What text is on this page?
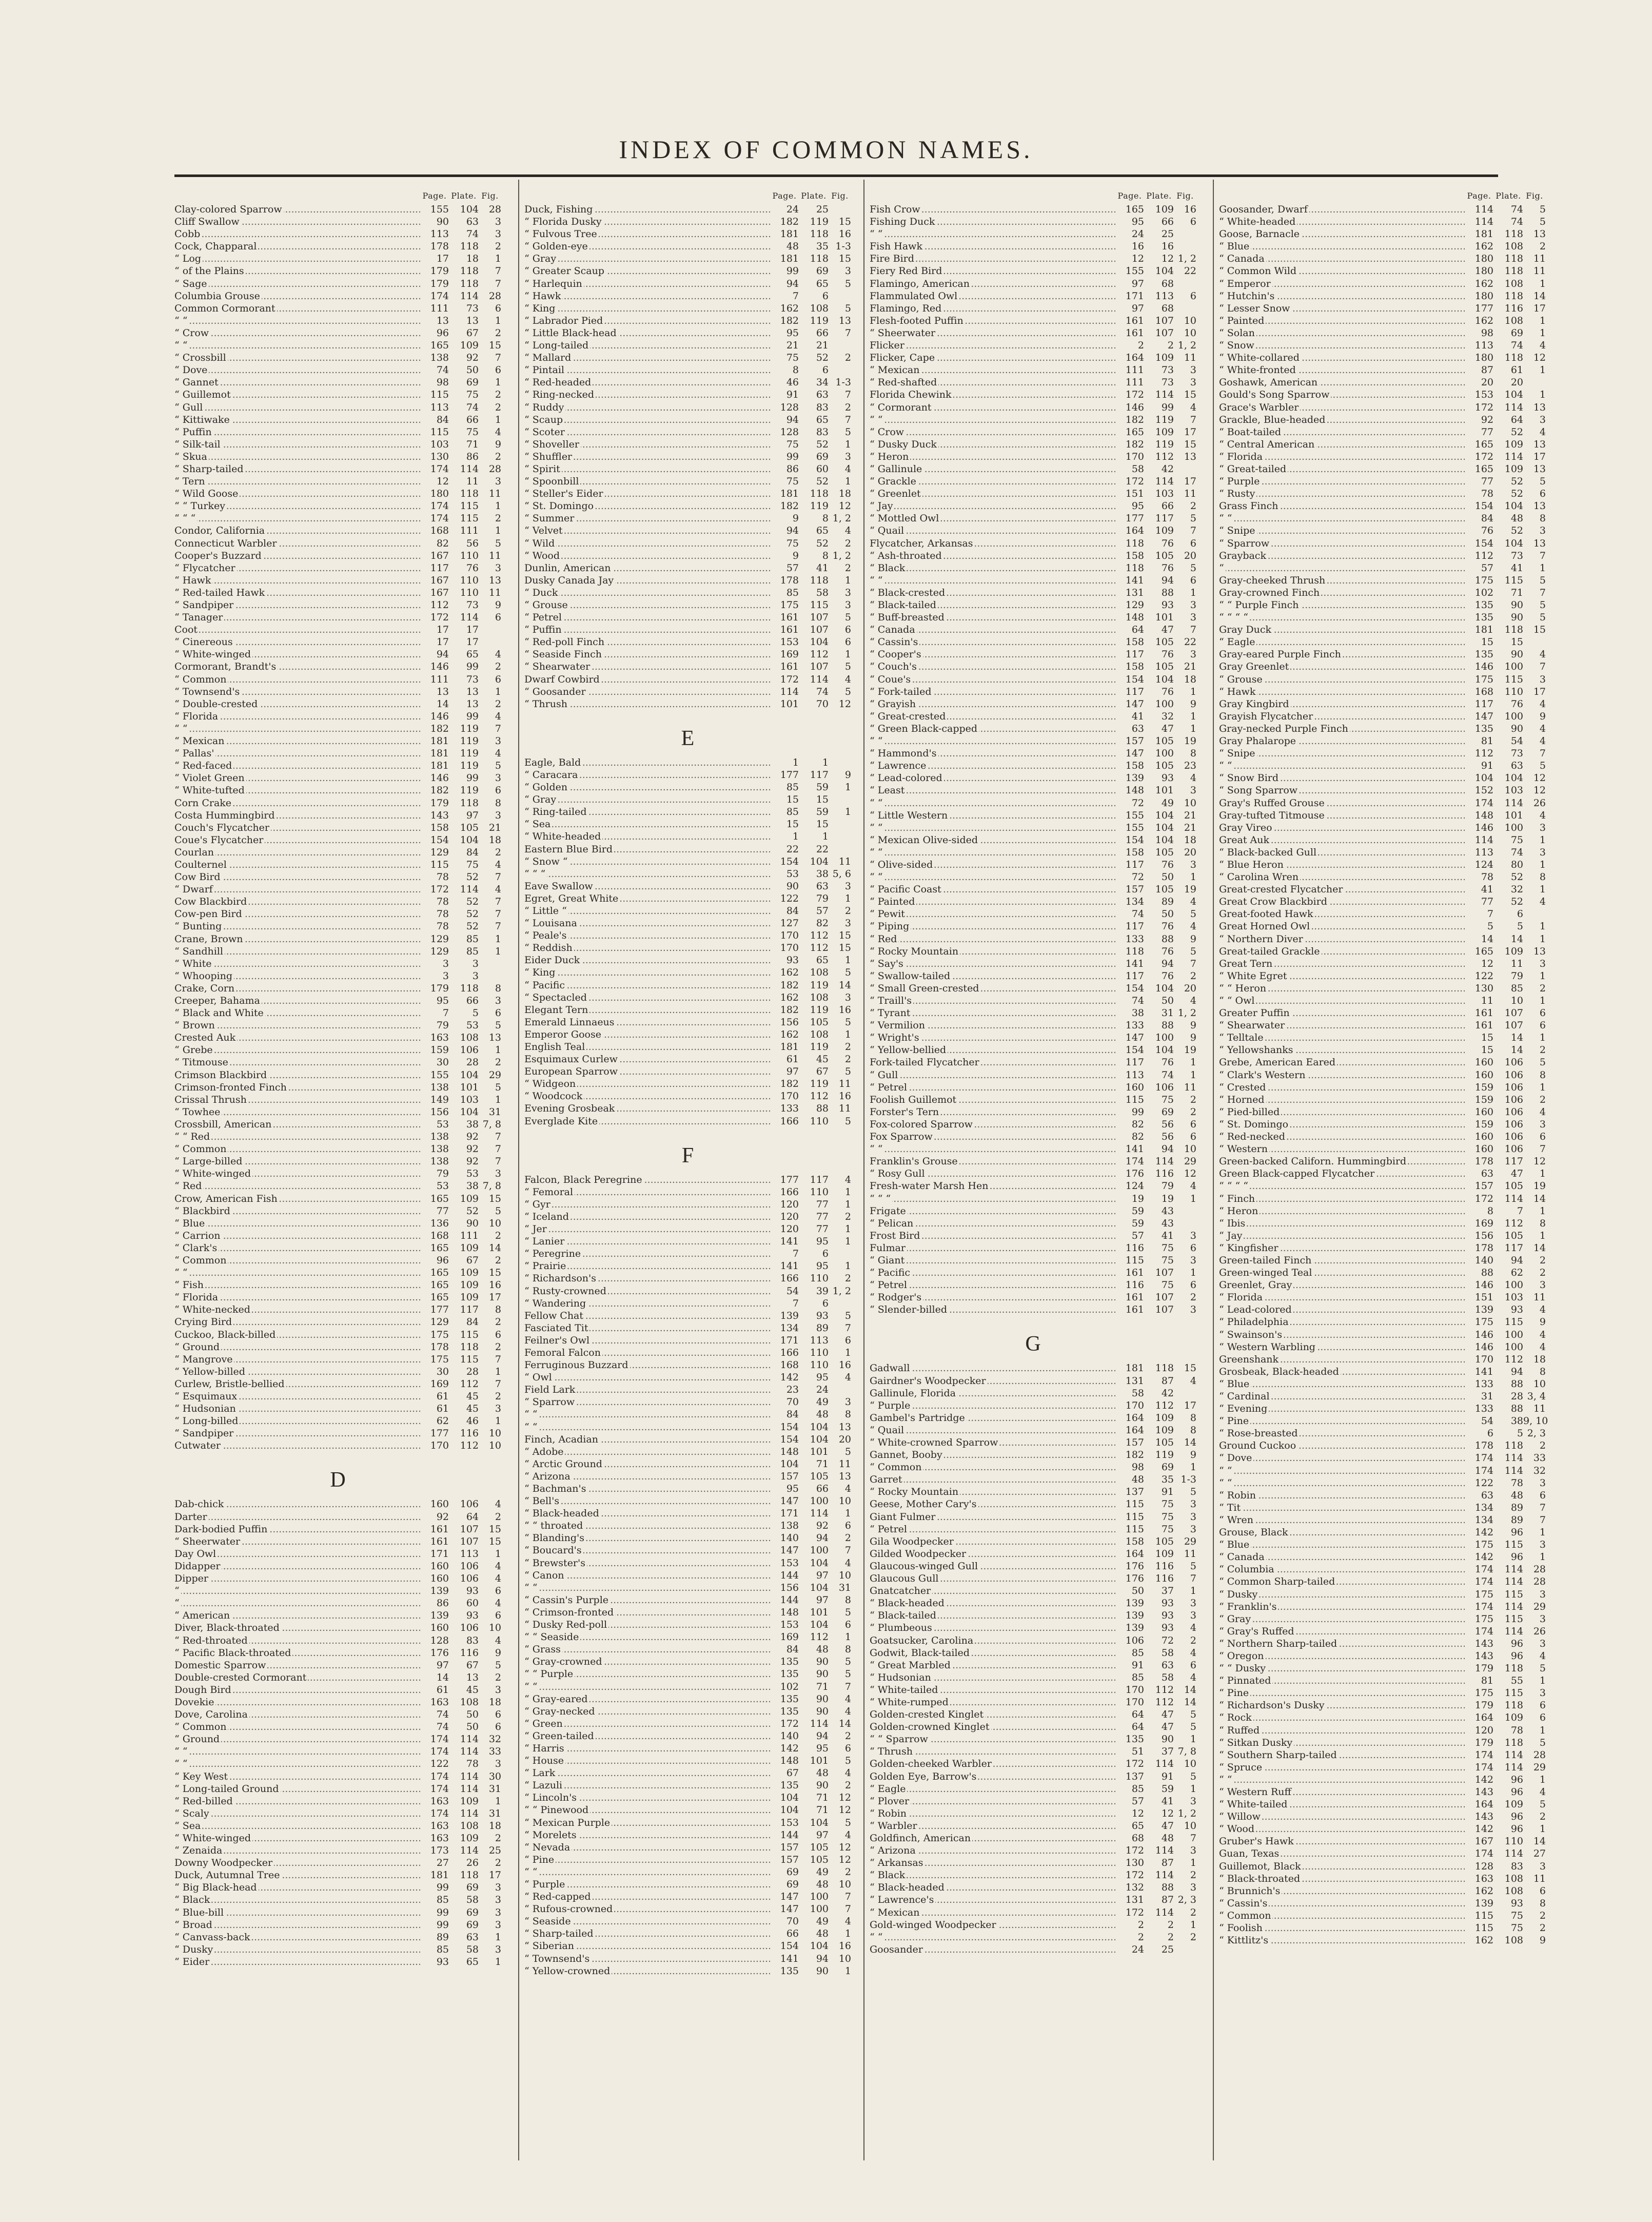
INDEX OF COMMON NAMES.
Page. Plate. Fig.
Clay-colored Sparrow .....	155	104	28
Cliff Swallow .....	90	63	3
Cobb .....	113	74	3
Cock, Chapparal .....	178	118	2
“ Log .....	17	18	1
“ of the Plains .....	179	118	7
“ Sage .....	179	118	7
Columbia Grouse .....	174	114	28
Common Cormorant .....	111	73	6
“ “ .....	13	13	1
“ Crow .....	96	67	2
“ “ .....	165	109	15
“ Crossbill .....	138	92	7
“ Dove .....	74	50	6
“ Gannet .....	98	69	1
“ Guillemot .....	115	75	2
“ Gull .....	113	74	2
“ Kittiwake .....	84	66	1
“ Puffin .....	115	75	4
“ Silk-tail .....	103	71	9
“ Skua .....	130	86	2
“ Sharp-tailed .....	174	114	28
“ Tern .....	12	11	3
“ Wild Goose .....	180	118	11
“ “ Turkey .....	174	115	1
“ “ “ .....	174	115	2
Condor, California .....	168	111	1
Connecticut Warbler .....	82	56	5
Cooper's Buzzard .....	167	110	11
“ Flycatcher .....	117	76	3
“ Hawk .....	167	110	13
“ Red-tailed Hawk .....	167	110	11
“ Sandpiper .....	112	73	9
“ Tanager .....	172	114	6
Coot .....	17	17
“ Cinereous .....	17	17
“ White-winged .....	94	65	4
Cormorant, Brandt's .....	146	99	2
“ Common .....	111	73	6
“ Townsend's .....	13	13	1
“ Double-crested .....	14	13	2
“ Florida .....	146	99	4
“ “ .....	182	119	7
“ Mexican .....	181	119	3
“ Pallas' .....	181	119	4
“ Red-faced .....	181	119	5
“ Violet Green .....	146	99	3
“ White-tufted .....	182	119	6
Corn Crake .....	179	118	8
Costa Hummingbird .....	143	97	3
Couch's Flycatcher .....	158	105	21
Coue's Flycatcher .....	154	104	18
Courlan .....	129	84	2
Coulternel .....	115	75	4
Cow Bird .....	78	52	7
“ Dwarf .....	172	114	4
Cow Blackbird .....	78	52	7
Cow-pen Bird .....	78	52	7
“ Bunting .....	78	52	7
Crane, Brown .....	129	85	1
“ Sandhill .....	129	85	1
“ White .....	3	3
“ Whooping .....	3	3
Crake, Corn .....	179	118	8
Creeper, Bahama .....	95	66	3
“ Black and White .....	7	5	6
“ Brown .....	79	53	5
Crested Auk .....	163	108	13
“ Grebe .....	159	106	1
“ Titmouse .....	30	28	2
Crimson Blackbird .....	155	104	29
Crimson-fronted Finch .....	138	101	5
Crissal Thrush .....	149	103	1
“ Towhee .....	156	104	31
Crossbill, American .....	53	38 7, 8
“ “ Red .....	138	92	7
“ Common .....	138	92	7
“ Large-billed .....	138	92	7
“ White-winged .....	79	53	3
“ Red .....	53	38 7, 8
Crow, American Fish .....	165	109	15
“ Blackbird .....	77	52	5
“ Blue .....	136	90	10
“ Carrion .....	168	111	2
“ Clark's .....	165	109	14
“ Common .....	96	67	2
“ “ .....	165	109	15
“ Fish .....	165	109	16
“ Florida .....	165	109	17
“ White-necked .....	177	117	8
Crying Bird .....	129	84	2
Cuckoo, Black-billed .....	175	115	6
“ Ground .....	178	118	2
“ Mangrove .....	175	115	7
“ Yellow-billed .....	30	28	1
Curlew, Bristle-bellied .....	169	112	7
“ Esquimaux .....	61	45	2
“ Hudsonian .....	61	45	3
“ Long-billed .....	62	46	1
“ Sandpiper .....	177	116	10
Cutwater .....	170	112	10
D
Dab-chick .....	160	106	4
Darter .....	92	64	2
Dark-bodied Puffin .....	161	107	15
“ Sheerwater .....	161	107	15
Day Owl .....	171	113	1
Didapper .....	160	106	4
Dipper .....	160	106	4
“ .....	139	93	6
“ .....	86	60	4
“ American .....	139	93	6
Diver, Black-throated .....	160	106	10
“ Red-throated .....	128	83	4
“ Pacific Black-throated .....	176	116	9
Domestic Sparrow .....	97	67	5
Double-crested Cormorant .....	14	13	2
Dough Bird .....	61	45	3
Dovekie .....	163	108	18
Dove, Carolina .....	74	50	6
“ Common .....	74	50	6
“ Ground .....	174	114	32
“ “ .....	174	114	33
“ “ .....	122	78	3
“ Key West .....	174	114	30
“ Long-tailed Ground .....	174	114	31
“ Red-billed .....	163	109	1
“ Scaly .....	174	114	31
“ Sea .....	163	108	18
“ White-winged .....	163	109	2
“ Zenaida .....	173	114	25
Downy Woodpecker .....	27	26	2
Duck, Autumnal Tree .....	181	118	17
“ Big Black-head .....	99	69	3
“ Black .....	85	58	3
“ Blue-bill .....	99	69	3
“ Broad .....	99	69	3
“ Canvass-back .....	89	63	1
“ Dusky .....	85	58	3
“ Eider .....	93	65	1
Page. Plate. Fig.
Duck, Fishing .....	24	25
“ Florida Dusky .....	182	119	15
“ Fulvous Tree .....	181	118	16
“ Golden-eye .....	48	35 1-3
“ Gray .....	181	118	15
“ Greater Scaup .....	99	69	3
“ Harlequin .....	94	65	5
“ Hawk .....	7	6
“ King .....	162	108	5
“ Labrador Pied .....	182	119	13
“ Little Black-head .....	95	66	7
“ Long-tailed .....	21	21
“ Mallard .....	75	52	2
“ Pintail .....	8	6
“ Red-headed .....	46	34 1-3
“ Ring-necked .....	91	63	7
“ Ruddy .....	128	83	2
“ Scaup .....	94	65	7
“ Scoter .....	128	83	5
“ Shoveller .....	75	52	1
“ Shuffler .....	99	69	3
“ Spirit .....	86	60	4
“ Spoonbill .....	75	52	1
“ Steller's Eider .....	181	118	18
“ St. Domingo .....	182	119	12
“ Summer .....	9	8 1, 2
“ Velvet .....	94	65	4
“ Wild .....	75	52	2
“ Wood .....	9	8 1, 2
Dunlin, American .....	57	41	2
Dusky Canada Jay .....	178	118	1
“ Duck .....	85	58	3
“ Grouse .....	175	115	3
“ Petrel .....	161	107	5
“ Puffin .....	161	107	6
“ Red-poll Finch .....	153	104	6
“ Seaside Finch .....	169	112	1
“ Shearwater .....	161	107	5
Dwarf Cowbird .....	172	114	4
“ Goosander .....	114	74	5
“ Thrush .....	101	70	12
E
Eagle, Bald .....	1	1
“ Caracara .....	177	117	9
“ Golden .....	85	59	1
“ Gray .....	15	15
“ Ring-tailed .....	85	59	1
“ Sea .....	15	15
“ White-headed .....	1	1
Eastern Blue Bird .....	22	22
“ Snow “ .....	154	104	11
“ “ “ .....	53	38 5, 6
Eave Swallow .....	90	63	3
Egret, Great White .....	122	79	1
“ Little “ .....	84	57	2
“ Louisana .....	127	82	3
“ Peale's .....	170	112	15
“ Reddish .....	170	112	15
Eider Duck .....	93	65	1
“ King .....	162	108	5
“ Pacific .....	182	119	14
“ Spectacled .....	162	108	3
Elegant Tern .....	182	119	16
Emerald Linnaeus .....	156	105	5
Emperor Goose .....	162	108	1
English Teal .....	181	119	2
Esquimaux Curlew .....	61	45	2
European Sparrow .....	97	67	5
“ Widgeon .....	182	119	11
“ Woodcock .....	170	112	16
Evening Grosbeak .....	133	88	11
Everglade Kite .....	166	110	5
F
Falcon, Black Peregrine .....	177	117	4
“ Femoral .....	166	110	1
“ Gyr .....	120	77	1
“ Iceland .....	120	77	2
“ Jer .....	120	77	1
“ Lanier .....	141	95	1
“ Peregrine .....	7	6
“ Prairie .....	141	95	1
“ Richardson's .....	166	110	2
“ Rusty-crowned .....	54	39 1, 2
“ Wandering .....	7	6
Fellow Chat .....	139	93	5
Fasciated Tit .....	134	89	7
Feilner's Owl .....	171	113	6
Femoral Falcon .....	166	110	1
Ferruginous Buzzard .....	168	110	16
“ Owl .....	142	95	4
Field Lark .....	23	24
“ Sparrow .....	70	49	3
“ “ .....	84	48	8
“ “ .....	154	104	13
Finch, Acadian .....	154	104	20
“ Adobe .....	148	101	5
“ Arctic Ground .....	104	71	11
“ Arizona .....	157	105	13
“ Bachman's .....	95	66	4
“ Bell's .....	147	100	10
“ Black-headed .....	171	114	1
“ “ throated .....	138	92	6
“ Blanding's .....	140	94	2
“ Boucard's .....	147	100	7
“ Brewster's .....	153	104	4
“ Canon .....	144	97	10
“ “ .....	156	104	31
“ Cassin's Purple .....	144	97	8
“ Crimson-fronted .....	148	101	5
“ Dusky Red-poll .....	153	104	6
“ “ Seaside .....	169	112	1
“ Grass .....	84	48	8
“ Gray-crowned .....	135	90	5
“ “ Purple .....	135	90	5
“ “ .....	102	71	7
“ Gray-eared .....	135	90	4
“ Gray-necked .....	135	90	4
“ Green .....	172	114	14
“ Green-tailed .....	140	94	2
“ Harris .....	142	95	6
“ House .....	148	101	5
“ Lark .....	67	48	4
“ Lazuli .....	135	90	2
“ Lincoln's .....	104	71	12
“ “ Pinewood .....	104	71	12
“ Mexican Purple .....	153	104	5
“ Morelets .....	144	97	4
“ Nevada .....	157	105	12
“ Pine .....	157	105	12
“ “ .....	69	49	2
“ Purple .....	69	48	10
“ Red-capped .....	147	100	7
“ Rufous-crowned .....	147	100	7
“ Seaside .....	70	49	4
“ Sharp-tailed .....	66	48	1
“ Siberian .....	154	104	16
“ Townsend's .....	141	94	10
“ Yellow-crowned .....	135	90	1
Page. Plate. Fig.
Fish Crow .....	165	109	16
Fishing Duck .....	95	66	6
“ “ .....	24	25
Fish Hawk .....	16	16
Fire Bird .....	12	12 1, 2
Fiery Red Bird .....	155	104	22
Flamingo, American .....	97	68
Flammulated Owl .....	171	113	6
Flamingo, Red .....	97	68
Flesh-footed Puffin .....	161	107	10
“ Sheerwater .....	161	107	10
Flicker .....	2	2 1, 2
Flicker, Cape .....	164	109	11
“ Mexican .....	111	73	3
“ Red-shafted .....	111	73	3
Florida Chewink .....	172	114	15
“ Cormorant .....	146	99	4
“ “ .....	182	119	7
“ Crow .....	165	109	17
“ Dusky Duck .....	182	119	15
“ Heron .....	170	112	13
“ Gallinule .....	58	42
“ Grackle .....	172	114	17
“ Greenlet .....	151	103	11
“ Jay .....	95	66	2
“ Mottled Owl .....	177	117	5
“ Quail .....	164	109	7
Flycatcher, Arkansas .....	118	76	6
“ Ash-throated .....	158	105	20
“ Black .....	118	76	5
“ “ .....	141	94	6
“ Black-crested .....	131	88	1
“ Black-tailed .....	129	93	3
“ Buff-breasted .....	148	101	3
“ Canada .....	64	47	7
“ Cassin's .....	158	105	22
“ Cooper's .....	117	76	3
“ Couch's .....	158	105	21
“ Coue's .....	154	104	18
“ Fork-tailed .....	117	76	1
“ Grayish .....	147	100	9
“ Great-crested .....	41	32	1
“ Green Black-capped .....	63	47	1
“ “ .....	157	105	19
“ Hammond's .....	147	100	8
“ Lawrence .....	158	105	23
“ Lead-colored .....	139	93	4
“ Least .....	148	101	3
“ “ .....	72	49	10
“ Little Western .....	155	104	21
“ “ .....	155	104	21
“ Mexican Olive-sided .....	154	104	18
“ “ .....	158	105	20
“ Olive-sided .....	117	76	3
“ “ .....	72	50	1
“ Pacific Coast .....	157	105	19
“ Painted .....	134	89	4
“ Pewit .....	74	50	5
“ Piping .....	117	76	4
“ Red .....	133	88	9
“ Rocky Mountain .....	118	76	5
“ Say's .....	141	94	7
“ Swallow-tailed .....	117	76	2
“ Small Green-crested .....	154	104	20
“ Traill's .....	74	50	4
“ Tyrant .....	38	31 1, 2
“ Vermilion .....	133	88	9
“ Wright's .....	147	100	9
“ Yellow-bellied .....	154	104	19
Fork-tailed Flycatcher .....	117	76	1
“ Gull .....	113	74	1
“ Petrel .....	160	106	11
Foolish Guillemot .....	115	75	2
Forster's Tern .....	99	69	2
Fox-colored Sparrow .....	82	56	6
Fox Sparrow .....	82	56	6
“ “ .....	141	94	10
Franklin's Grouse .....	174	114	29
“ Rosy Gull .....	176	116	12
Fresh-water Marsh Hen .....	124	79	4
“ “ “ .....	19	19	1
Frigate .....	59	43
“ Pelican .....	59	43
Frost Bird .....	57	41	3
Fulmar .....	116	75	6
“ Giant .....	115	75	3
“ Pacific .....	161	107	1
“ Petrel .....	116	75	6
“ Rodger's .....	161	107	2
“ Slender-billed .....	161	107	3
G
Gadwall .....	181	118	15
Gairdner's Woodpecker .....	131	87	4
Gallinule, Florida .....	58	42
“ Purple .....	170	112	17
Gambel's Partridge .....	164	109	8
“ Quail .....	164	109	8
“ White-crowned Sparrow .....	157	105	14
Gannet, Booby .....	182	119	9
“ Common .....	98	69	1
Garret .....	48	35 1-3
“ Rocky Mountain .....	137	91	5
Geese, Mother Cary's .....	115	75	3
Giant Fulmer .....	115	75	3
“ Petrel .....	115	75	3
Gila Woodpecker .....	158	105	29
Gilded Woodpecker .....	164	109	11
Glaucous-winged Gull .....	176	116	5
Glaucous Gull .....	176	116	7
Gnatcatcher .....	50	37	1
“ Black-headed .....	139	93	3
“ Black-tailed .....	139	93	3
“ Plumbeous .....	139	93	4
Goatsucker, Carolina .....	106	72	2
Godwit, Black-tailed .....	85	58	4
“ Great Marbled .....	91	63	6
“ Hudsonian .....	85	58	4
“ White-tailed .....	170	112	14
“ White-rumped .....	170	112	14
Golden-crested Kinglet .....	64	47	5
Golden-crowned Kinglet .....	64	47	5
“ “ Sparrow .....	135	90	1
“ Thrush .....	51	37 7, 8
Golden-cheeked Warbler .....	172	114	10
Golden Eye, Barrow's .....	137	91	5
“ Eagle .....	85	59	1
“ Plover .....	57	41	3
“ Robin .....	12	12 1, 2
“ Warbler .....	65	47	10
Goldfinch, American .....	68	48	7
“ Arizona .....	172	114	3
“ Arkansas .....	130	87	1
“ Black .....	172	114	2
“ Black-headed .....	132	88	3
“ Lawrence's .....	131	87 2, 3
“ Mexican .....	172	114	2
Gold-winged Woodpecker .....	2	2	1
“ “ .....	2	2	2
Goosander .....	24	25
Page. Plate. Fig.
Goosander, Dwarf .....	114	74	5
“ White-headed .....	114	74	5
Goose, Barnacle .....	181	118	13
“ Blue .....	162	108	2
“ Canada .....	180	118	11
“ Common Wild .....	180	118	11
“ Emperor .....	162	108	1
“ Hutchin's .....	180	118	14
“ Lesser Snow .....	177	116	17
“ Painted .....	162	108	1
“ Solan .....	98	69	1
“ Snow .....	113	74	4
“ White-collared .....	180	118	12
“ White-fronted .....	87	61	1
Goshawk, American .....	20	20
Gould's Song Sparrow .....	153	104	1
Grace's Warbler .....	172	114	13
Grackle, Blue-headed .....	92	64	3
“ Boat-tailed .....	77	52	4
“ Central American .....	165	109	13
“ Florida .....	172	114	17
“ Great-tailed .....	165	109	13
“ Purple .....	77	52	5
“ Rusty .....	78	52	6
Grass Finch .....	154	104	13
“ “ .....	84	48	8
“ Snipe .....	76	52	3
“ Sparrow .....	154	104	13
Grayback .....	112	73	7
“ .....	57	41	1
Gray-cheeked Thrush .....	175	115	5
Gray-crowned Finch .....	102	71	7
“ “ Purple Finch .....	135	90	5
“ “ “ “ .....	135	90	5
Gray Duck .....	181	118	15
“ Eagle .....	15	15
Gray-eared Purple Finch .....	135	90	4
Gray Greenlet .....	146	100	7
“ Grouse .....	175	115	3
“ Hawk .....	168	110	17
Gray Kingbird .....	117	76	4
Grayish Flycatcher .....	147	100	9
Gray-necked Purple Finch .....	135	90	4
Gray Phalarope .....	81	54	4
“ Snipe .....	112	73	7
“ “ .....	91	63	5
“ Snow Bird .....	104	104	12
“ Song Sparrow .....	152	103	12
Gray's Ruffed Grouse .....	174	114	26
Gray-tufted Titmouse .....	148	101	4
Gray Vireo .....	146	100	3
Great Auk .....	114	75	1
“ Black-backed Gull .....	113	74	3
“ Blue Heron .....	124	80	1
“ Carolina Wren .....	78	52	8
Great-crested Flycatcher .....	41	32	1
Great Crow Blackbird .....	77	52	4
Great-footed Hawk .....	7	6
Great Horned Owl .....	5	5	1
“ Northern Diver .....	14	14	1
Great-tailed Grackle .....	165	109	13
Great Tern .....	12	11	3
“ White Egret .....	122	79	1
“ “ Heron .....	130	85	2
“ “ Owl .....	11	10	1
Greater Puffin .....	161	107	6
“ Shearwater .....	161	107	6
“ Telltale .....	15	14	1
“ Yellowshanks .....	15	14	2
Grebe, American Eared .....	160	106	5
“ Clark's Western .....	160	106	8
“ Crested .....	159	106	1
“ Horned .....	159	106	2
“ Pied-billed .....	160	106	4
“ St. Domingo .....	159	106	3
“ Red-necked .....	160	106	6
“ Western .....	160	106	7
Green-backed Californ. Hummingbird .....	178	117	12
Green Black-capped Flycatcher .....	63	47	1
“ “ “ “ .....	157	105	19
“ Finch .....	172	114	14
“ Heron .....	8	7	1
“ Ibis .....	169	112	8
“ Jay .....	156	105	1
“ Kingfisher .....	178	117	14
Green-tailed Finch .....	140	94	2
Green-winged Teal .....	88	62	2
Greenlet, Gray .....	146	100	3
“ Florida .....	151	103	11
“ Lead-colored .....	139	93	4
“ Philadelphia .....	175	115	9
“ Swainson's .....	146	100	4
“ Western Warbling .....	146	100	4
Greenshank .....	170	112	18
Grosbeak, Black-headed .....	141	94	8
“ Blue .....	133	88	10
“ Cardinal .....	31	28 3, 4
“ Evening .....	133	88	11
“ Pine .....	54	38 9, 10
“ Rose-breasted .....	6	5 2, 3
Ground Cuckoo .....	178	118	2
“ Dove .....	174	114	33
“ “ .....	174	114	32
“ “ .....	122	78	3
“ Robin .....	63	48	6
“ Tit .....	134	89	7
“ Wren .....	134	89	7
Grouse, Black .....	142	96	1
“ Blue .....	175	115	3
“ Canada .....	142	96	1
“ Columbia .....	174	114	28
“ Common Sharp-tailed .....	174	114	28
“ Dusky .....	175	115	3
“ Franklin's .....	174	114	29
“ Gray .....	175	115	3
“ Gray's Ruffed .....	174	114	26
“ Northern Sharp-tailed .....	143	96	3
“ Oregon .....	143	96	4
“ “ Dusky .....	179	118	5
“ Pinnated .....	81	55	1
“ Pine .....	175	115	3
“ Richardson's Dusky .....	179	118	6
“ Rock .....	164	109	6
“ Ruffed .....	120	78	1
“ Sitkan Dusky .....	179	118	5
“ Southern Sharp-tailed .....	174	114	28
“ Spruce .....	174	114	29
“ “ .....	142	96	1
“ Western Ruff .....	143	96	4
“ White-tailed .....	164	109	5
“ Willow .....	143	96	2
“ Wood .....	142	96	1
Gruber's Hawk .....	167	110	14
Guan, Texas .....	174	114	27
Guillemot, Black .....	128	83	3
“ Black-throated .....	163	108	11
“ Brunnich's .....	162	108	6
“ Cassin's .....	139	93	8
“ Common .....	115	75	2
“ Foolish .....	115	75	2
“ Kittlitz's .....	162	108	9
